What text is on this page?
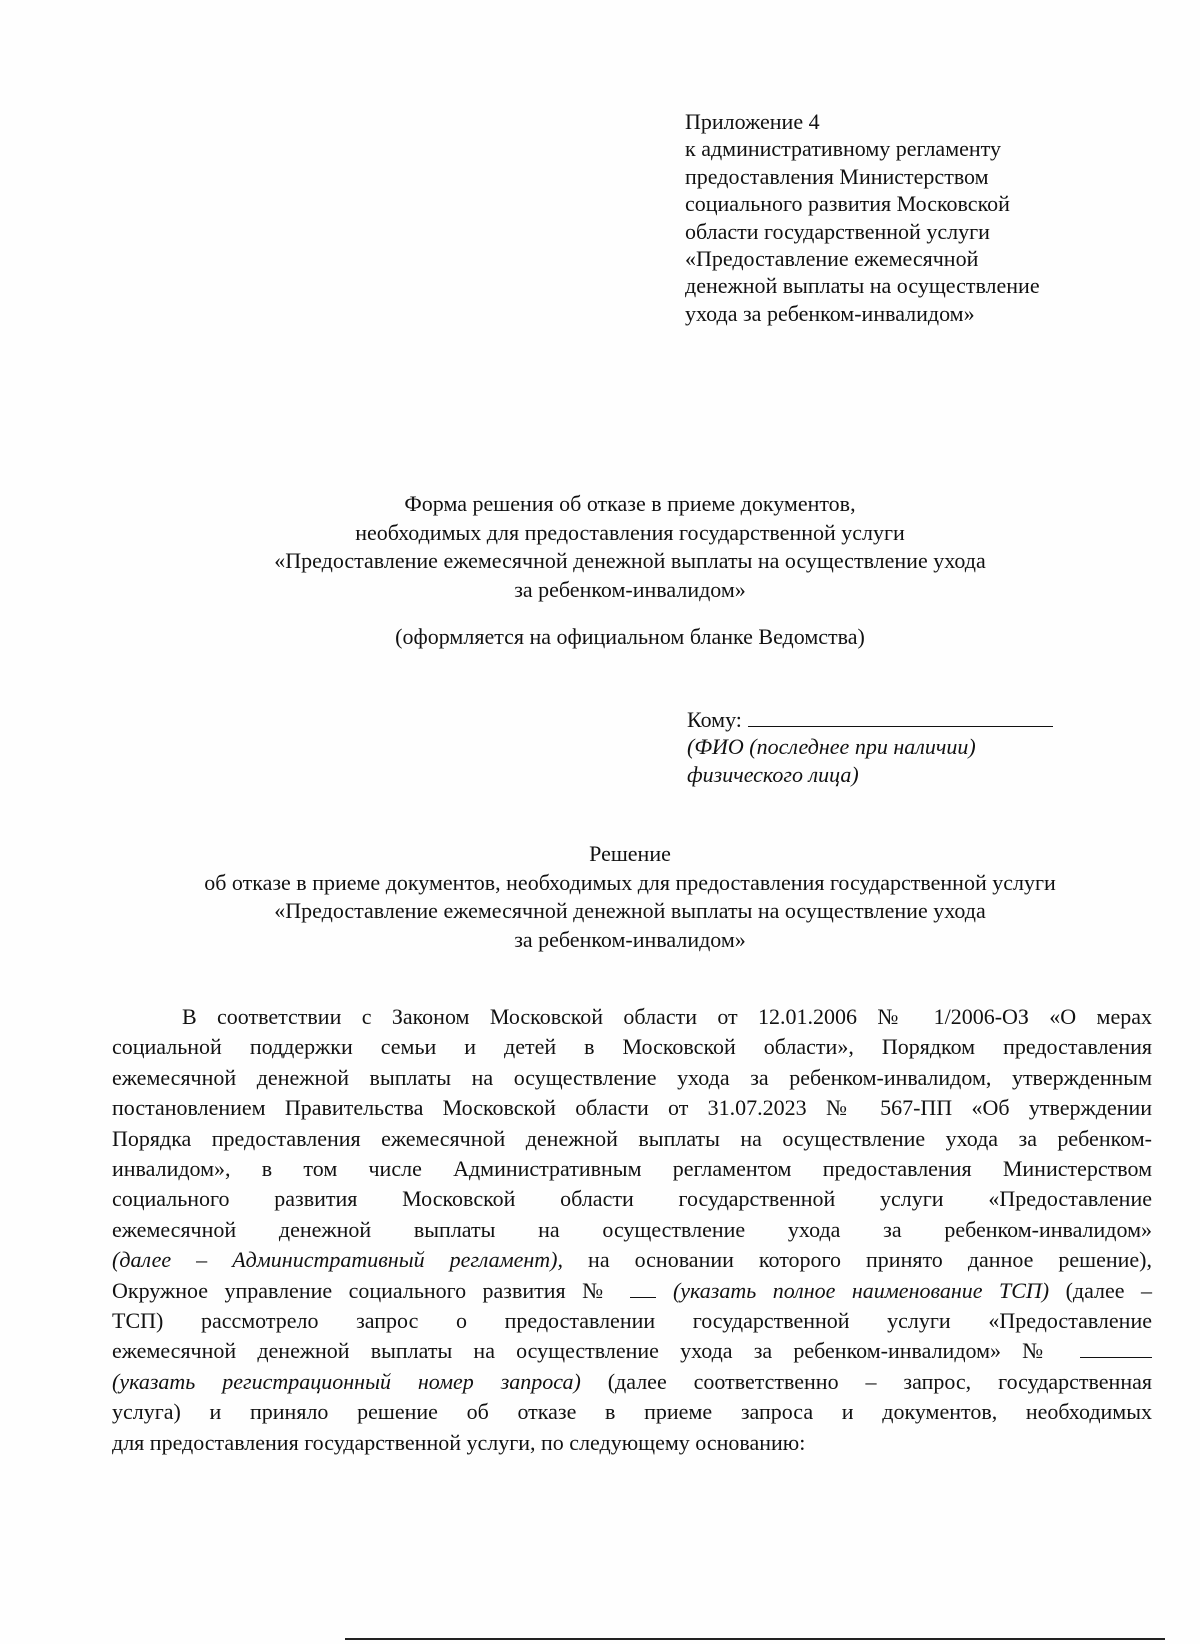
Приложение 4
к административному регламенту
предоставления Министерством
социального развития Московской
области государственной услуги
«Предоставление ежемесячной
денежной выплаты на осуществление
ухода за ребенком-инвалидом»
Форма решения об отказе в приеме документов,
необходимых для предоставления государственной услуги
«Предоставление ежемесячной денежной выплаты на осуществление ухода
за ребенком-инвалидом»
(оформляется на официальном бланке Ведомства)
Кому:
(ФИО (последнее при наличии)
физического лица)
Решение
об отказе в приеме документов, необходимых для предоставления государственной услуги
«Предоставление ежемесячной денежной выплаты на осуществление ухода
за ребенком-инвалидом»
В соответствии с Законом Московской области от 12.01.2006 № 1/2006-ОЗ «О мерах
социальной поддержки семьи и детей в Московской области», Порядком предоставления
ежемесячной денежной выплаты на осуществление ухода за ребенком-инвалидом, утвержденным
постановлением Правительства Московской области от 31.07.2023 № 567-ПП «Об утверждении
Порядка предоставления ежемесячной денежной выплаты на осуществление ухода за ребенком-
инвалидом», в том числе Административным регламентом предоставления Министерством
социального развития Московской области государственной услуги «Предоставление
ежемесячной денежной выплаты на осуществление ухода за ребенком-инвалидом»
(далее – Административный регламент), на основании которого принято данное решение),
Окружное управление социального развития №  (указать полное наименование ТСП) (далее –
ТСП) рассмотрело запрос о предоставлении государственной услуги «Предоставление
ежемесячной денежной выплаты на осуществление ухода за ребенком-инвалидом» №
(указать регистрационный номер запроса) (далее соответственно – запрос, государственная
услуга) и приняло решение об отказе в приеме запроса и документов, необходимых
для предоставления государственной услуги, по следующему основанию:
